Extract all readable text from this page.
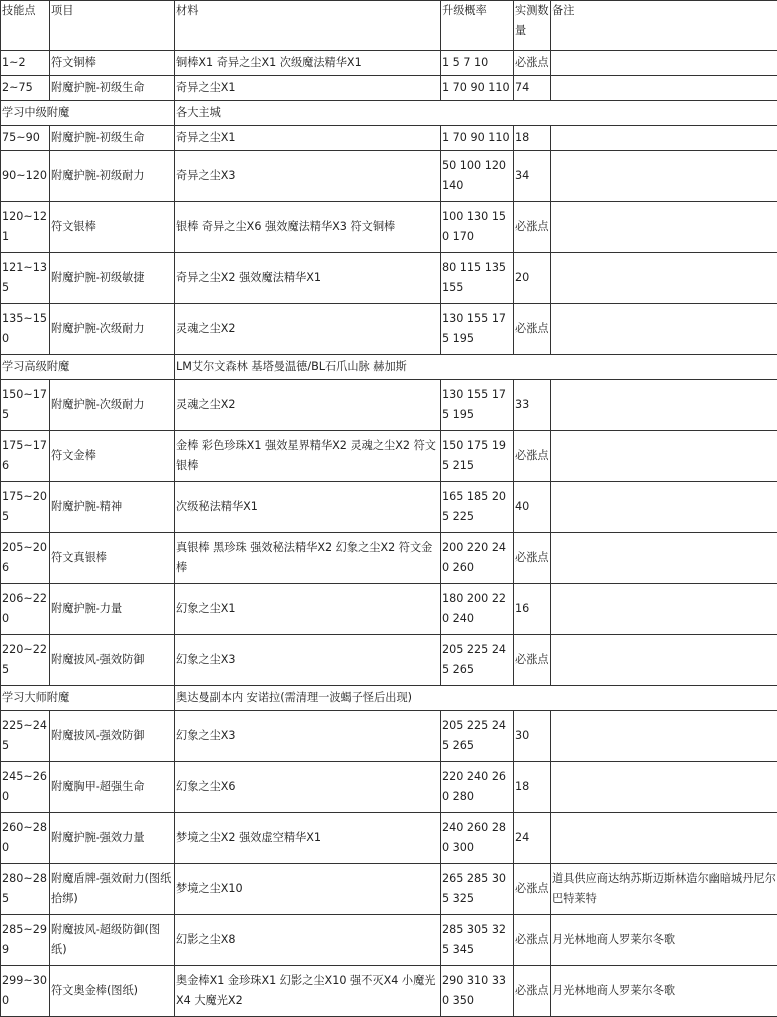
技能点	项目	材料	升级概率	实测数量	备注
1~2	符文铜棒	铜棒X1 奇异之尘X1 次级魔法精华X1	1 5 7 10	必涨点	
2~75	附魔护腕-初级生命	奇异之尘X1	1 70 90 110	74	
学习中级附魔		各大主城			
75~90	附魔护腕-初级生命	奇异之尘X1	1 70 90 110	18	
90~120	附魔护腕-初级耐力	奇异之尘X3	50 100 120 140	34	
120~121	符文银棒	银棒 奇异之尘X6 强效魔法精华X3 符文铜棒	100 130 150 170	必涨点	
121~135	附魔护腕-初级敏捷	奇异之尘X2 强效魔法精华X1	80 115 135 155	20	
135~150	附魔护腕-次级耐力	灵魂之尘X2	130 155 175 195	必涨点	
学习高级附魔		LM艾尔文森林 基塔曼温德/BL石爪山脉 赫加斯			
150~175	附魔护腕-次级耐力	灵魂之尘X2	130 155 175 195	33	
175~176	符文金棒	金棒 彩色珍珠X1 强效星界精华X2 灵魂之尘X2 符文银棒	150 175 195 215	必涨点	
175~205	附魔护腕-精神	次级秘法精华X1	165 185 205 225	40	
205~206	符文真银棒	真银棒 黑珍珠 强效秘法精华X2 幻象之尘X2 符文金棒	200 220 240 260	必涨点	
206~220	附魔护腕-力量	幻象之尘X1	180 200 220 240	16	
220~225	附魔披风-强效防御	幻象之尘X3	205 225 245 265	必涨点	
学习大师附魔		奥达曼副本内 安诺拉(需清理一波蝎子怪后出现)			
225~245	附魔披风-强效防御	幻象之尘X3	205 225 245 265	30	
245~260	附魔胸甲-超强生命	幻象之尘X6	220 240 260 280	18	
260~280	附魔护腕-强效力量	梦境之尘X2 强效虚空精华X1	240 260 280 300	24	
280~285	附魔盾牌-强效耐力(图纸 拾绑)	梦境之尘X10	265 285 305 325	必涨点	道具供应商达纳苏斯迈斯林造尔幽暗城丹尼尔巴特莱特
285~299	附魔披风-超级防御(图纸)	幻影之尘X8	285 305 325 345	必涨点	月光林地商人罗莱尔冬歌
299~300	符文奥金棒(图纸)	奥金棒X1 金珍珠X1 幻影之尘X10 强不灭X4 小魔光X4 大魔光X2	290 310 330 350	必涨点	月光林地商人罗莱尔冬歌
